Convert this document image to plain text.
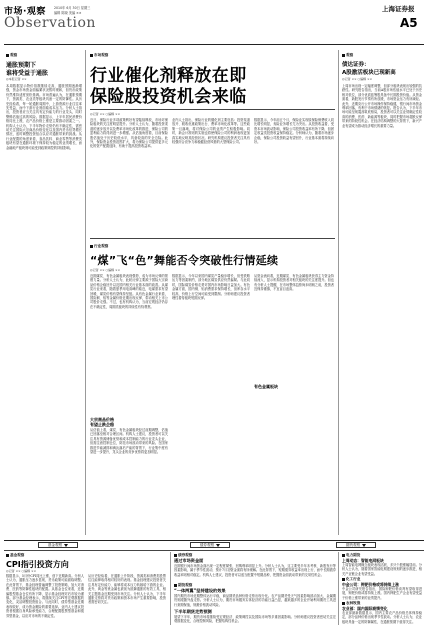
市场·观察	2010年 6月 30日 星期三
编辑 陈晓 美编 ××	上海证券报
Observation	A5
观察
通胀预期下
谁将受益于通胀
◎本报记者 ××
本周数据显示物价指数继续走高，通胀预期逐渐增强，资金市场资金面偏紧状况暂时缓和，但货币政策仍然维持适度宽松基调。市场普遍认为，在通胀预期下，资源类、农业类等板块具备一定的防御性。从历史经验看，每一轮通胀周期中，上游资源行业往往率先受益，而中下游行业则面临成本压力。分析人士指出，投资者应当关注具有定价能力的行业龙头，同时警惕估值过高的风险。数据显示，上半年居民消费价格同比上涨，农产品价格上涨是主要推动因素之一。机构人士认为，下半年物价走势仍有不确定性，需密切关注国际大宗商品价格变化以及国内货币信贷增长情况，适时调整投资组合以应对通胀带来的挑战。从行业配置的角度来看，食品饮料、商业零售等消费类板块有望在通胀环境下保持较为稳定的业绩增长，而金融地产板块则可能受到政策调控的持续影响。
市场观察
行业催化剂释放在即
保险股投资机会来临
◎记者 ×× ○编辑 ××
近日，保险行业多项政策利好有望陆续释放，市场对保险板块的关注度明显提升。分析人士认为，随着投资渠道的逐步放开以及费率市场化改革的推进，保险公司的盈利能力将得到进一步增强。从估值角度看，目前保险股估值处于历史较低水平，具备较高的安全边际。此外，保险资金投资范围扩大，将为保险公司提供更多元化的资产配置选择，有助于提高投资收益率。
业内人士指出，保险行业的催化剂主要包括：投资渠道放开、税收优惠政策出台、费率市场化改革等。这些政策一旦落地，将对保险公司的业绩产生积极影响。同时，新会计准则的实施也将使保险公司的利润表现更加真实地反映其经营状况。研究机构建议投资者关注具有较强综合竞争力和稳健经营风格的大型保险公司。
数据显示，今年前五个月，保险业实现原保险保费收入同比增长明显，寿险业务增长尤为突出。从投资收益看，受资本市场波动影响，保险公司投资收益率有所下降，但固定收益类投资收益保持稳定。分析师认为，随着市场逐步企稳，保险公司投资收益有望回升，行业基本面将持续向好。
观察
债达证券：
A股激活板块已现新高
◎记者 ×× ○编辑 ××
上周市场出现一定幅度调整，但部分板块表现出较强的抗跌性。研究报告指出，当前A股市场估值水平已处于历史相对低位，部分优质蓝筹股具备中长期投资价值。从资金面看，新股发行节奏有所放缓，市场资金压力有所减轻。此外，近期央行公开市场操作保持稳健，银行间市场资金利率回落，有利于市场情绪的恢复。报告认为，下半年市场可能呈现震荡筑底格局，投资者可以关注业绩确定性较高的消费、医药、新能源等板块，同时把握市场超跌反弹带来的阶段性机会。在经济结构调整的大背景下，新兴产业有望成为推动经济增长的重要力量。
行业观察
“煤”飞“色”舞能否令突破性行情延续
◎记者 ×× ○编辑 ××
近期煤炭、有色金属板块表现强势，成为市场反弹的领涨力量。分析人士认为，此轮反弹主要源于国际大宗商品价格企稳回升以及国内相关行业基本面的改善。从煤炭行业来看，随着夏季用电高峰的临近，电煤需求有望回暖，煤炭价格有望保持坚挺。从有色金属行业来看，国际铜、铝等金属价格近期出现反弹，带动相关上市公司股价走强。不过，也有机构认为，当前宏观经济仍存在不确定性，周期类板块的持续性有待观察。
大宗商品价格
有望止跌企稳
从估值上看，煤炭、有色金属板块经过前期调整，估值已回落至相对合理区间。机构人士建议，投资者可以关注具有资源储备优势和成本控制能力的行业龙头企业，但需注意控制仓位，防范市场波动带来的风险。在国家推进节能减排和淘汰落后产能的背景下，行业集中度有望进一步提升，龙头企业的竞争优势将更加明显。
数据显示，今年以来国内煤炭产量稳步增长，但受铁路运力等因素制约，部分地区煤炭供应仍然偏紧。与此同时，国际煤炭价格走势对国内市场影响日益加大。有色金属方面，国内铜、铝消费需求保持增长，但库存水平较高，价格上行空间可能受到限制。分析师建议投资者理性看待板块短期反弹。
有色金属板块
从资金流向看，近期煤炭、有色金属板块获得主力资金持续流入，显示机构投资者对相关板块的关注度提升。但也有分析人士提醒，在市场整体趋势尚未明朗之前，投资者宜保持谨慎，不宜盲目追高。
基金观察	债券观察	期货观察
基金观察
CPI指引投资方向
◎记者 ×× ○编辑 ××
数据显示，5月份CPI同比上涨，创下近期新高。分析人士认为，通胀压力逐步显现，货币政策可能面临调整。在此背景下，基金经理普遍调整了投资策略，加大对消费、医药等防御性板块的配置。从基金仓位来看，近期偏股型基金仓位有所下降，显示基金经理对后市较为谨慎。部分基金经理表示，将继续关注CPI等宏观数据的变化，灵活调整投资组合。与此同时，债券型基金近期表现较好，成为资金避险的重要选择。业内人士建议投资者根据自身风险承受能力，合理配置股票型基金和债券型基金，以应对市场的不确定性。
从历史经验看，在通胀上升阶段，资源类和消费类股票往往能够取得相对较好的表现。基金经理建议投资者关注具有定价能力、能够将成本压力转嫁给下游的企业。此外，黄金等贵金属也被视为抵御通胀的有效工具，相关主题基金近期受到市场关注。分析人士认为，下半年通胀走势将对货币政策和资本市场产生重要影响，投资者需密切关注。
债券观察
通过市场资金面
近期银行间市场资金面出现一定程度紧张，回购利率明显上升。分析人士认为，这主要受半年末考核、新股发行等因素影响，属于季节性波动，预计7月初资金面将有所缓解。在此背景下，短期债券收益率出现上行，而中长期债券收益率则相对稳定。机构人士建议，投资者可以适当配置中短期品种，把握资金面波动带来的交易性机会。
期货观察
“一体两翼”坚持建设的效果
国内期货市场近期整体运行平稳，商品期货品种价格走势出现分化。农产品期货受天气因素影响波动加大，金属期货则跟随外盘走势。分析人士认为，期货市场服务实体经济的功能日益凸显，越来越多的企业开始利用期货工具进行套期保值，规避价格波动风险。
下半年期货走势预测
展望下半年，期货市场将继续受宏观经济、政策调控以及国际市场等多重因素影响。分析师建议投资者密切关注宏观数据变化，合理控制风险，把握结构性机会。
电力期货
上周动态：智能电网板块
上周智能电网概念板块表现活跃，多只个股涨幅居前。分析人士认为，随着国家智能电网建设规划的逐步推进，相关产业链企业有望受益。
化工行业
中金公司：钾肥价格或将持续上涨
中金公司研究报告指出，国际钾肥价格谈判有望取得进展，钾肥价格或将持续上涨。国内钾肥生产企业有望受益于价格上涨带来的业绩提升。
农林牧渔
农业部：国内国际商情变化
农业部最新数据显示，国内主要农产品价格总体保持稳定，部分品种价格出现季节性波动。分析人士认为，农业板块具备一定的防御属性，在通胀预期下值得关注。
